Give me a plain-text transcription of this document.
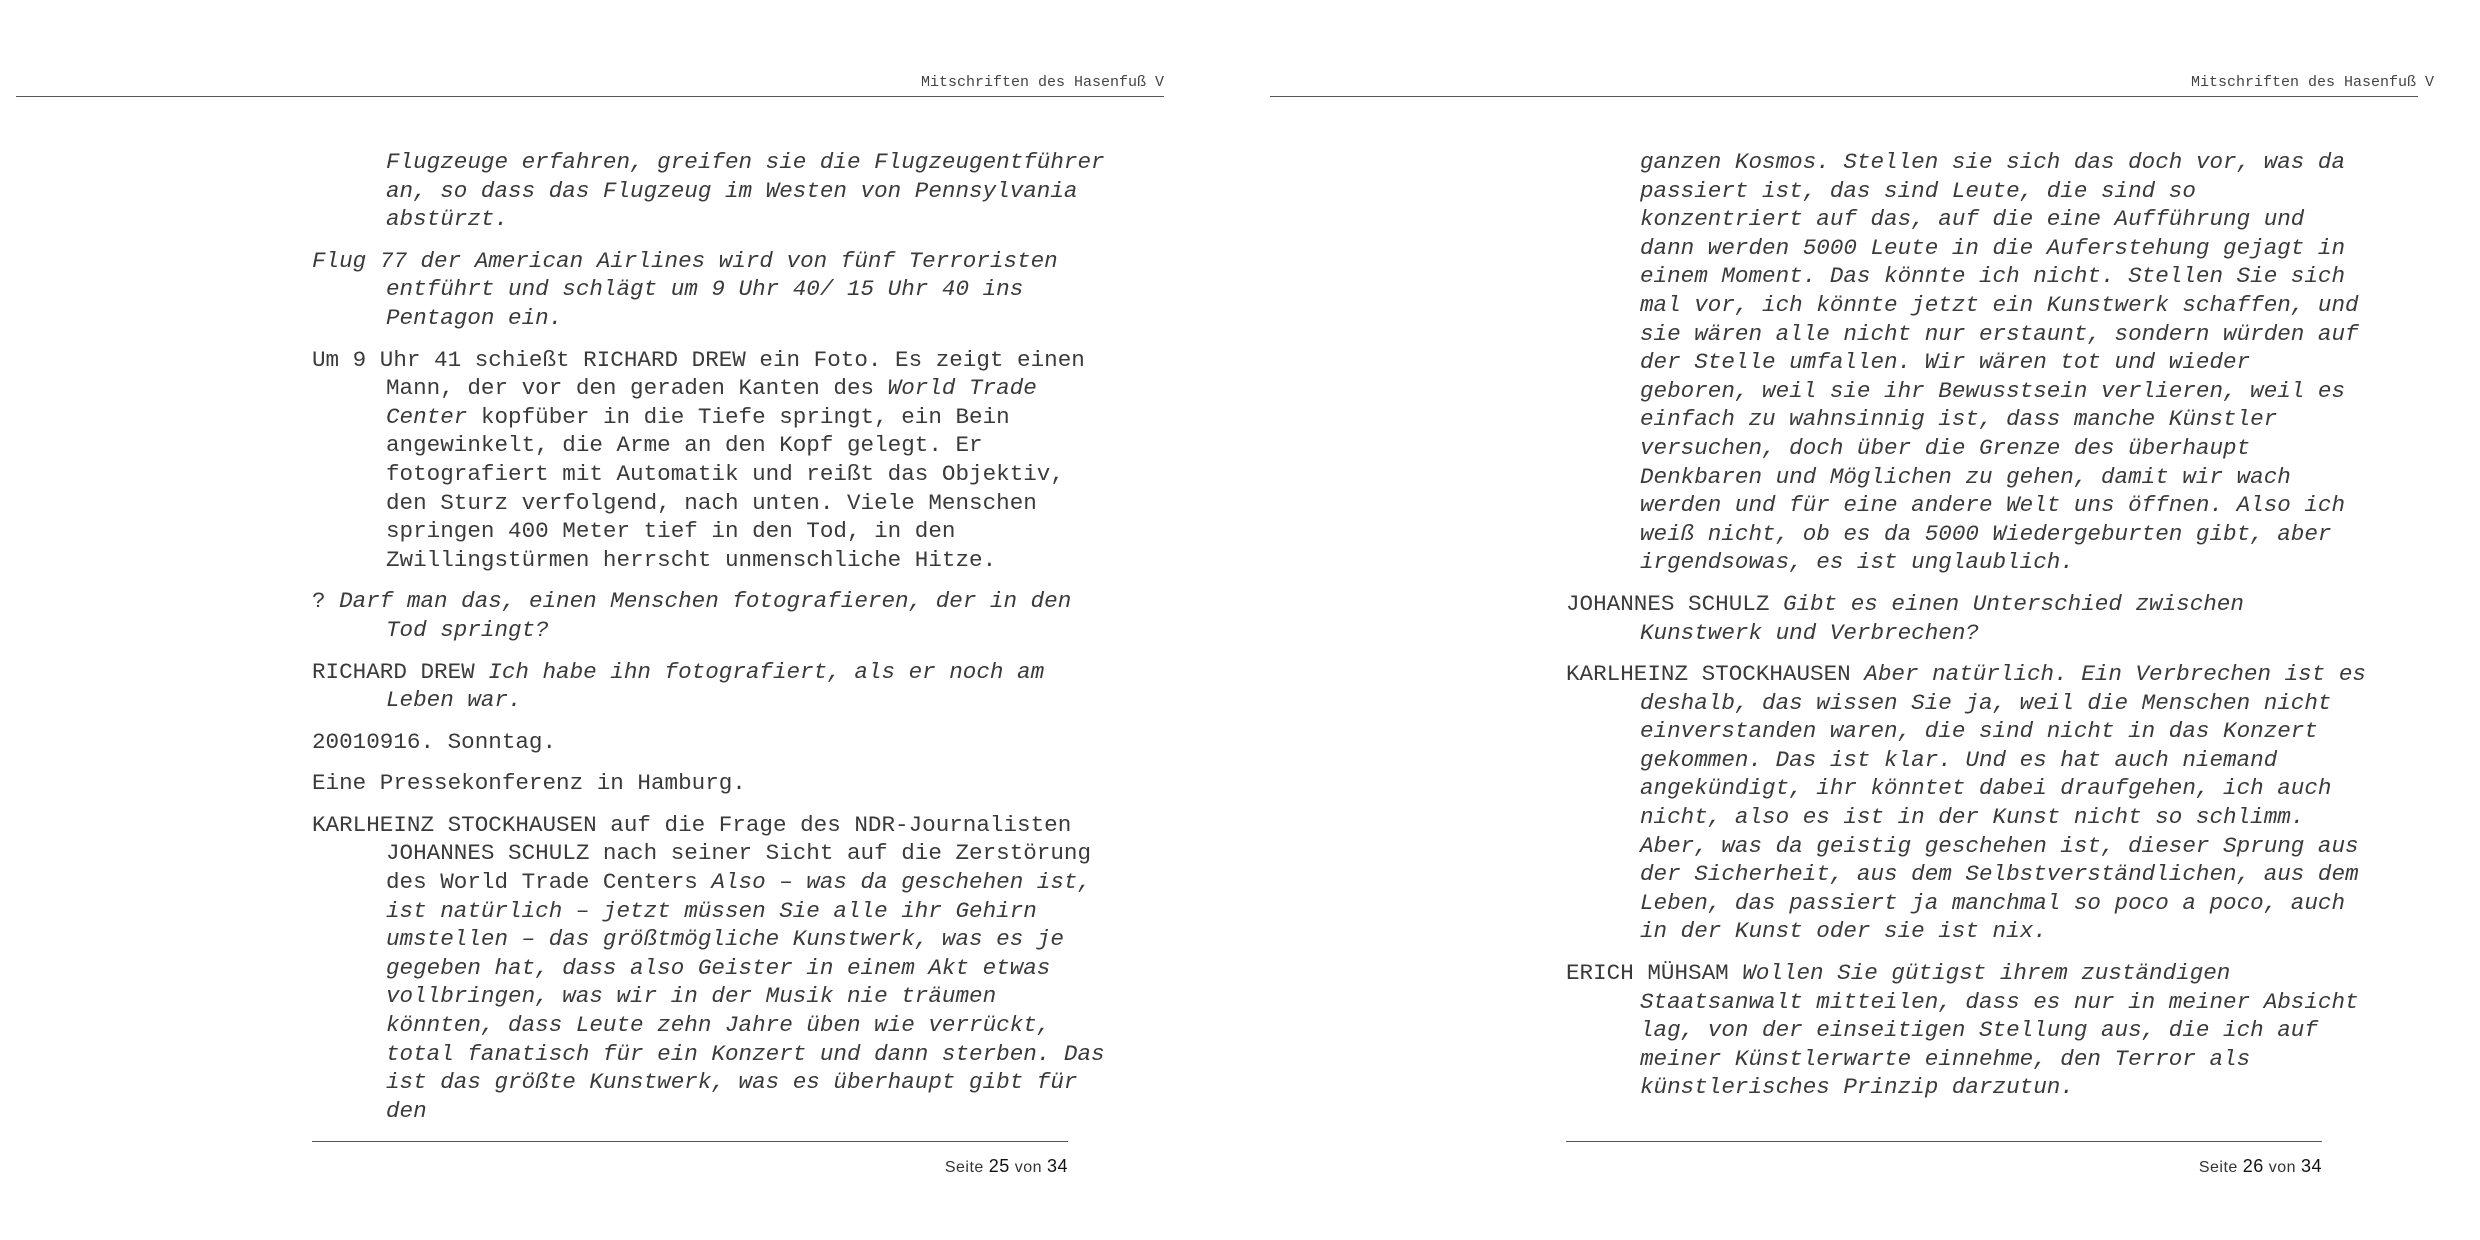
Mitschriften des Hasenfuß V

Flugzeuge erfahren, greifen sie die Flugzeugentführer an, so dass das Flugzeug im Westen von Pennsylvania abstürzt.

Flug 77 der American Airlines wird von fünf Terroristen entführt und schlägt um 9 Uhr 40/ 15 Uhr 40 ins Pentagon ein.

Um 9 Uhr 41 schießt RICHARD DREW ein Foto. Es zeigt einen Mann, der vor den geraden Kanten des World Trade Center kopfüber in die Tiefe springt, ein Bein angewinkelt, die Arme an den Kopf gelegt. Er fotografiert mit Automatik und reißt das Objektiv, den Sturz verfolgend, nach unten. Viele Menschen springen 400 Meter tief in den Tod, in den Zwillingstürmen herrscht unmenschliche Hitze.

? Darf man das, einen Menschen fotografieren, der in den Tod springt?

RICHARD DREW Ich habe ihn fotografiert, als er noch am Leben war.

20010916. Sonntag.

Eine Pressekonferenz in Hamburg.

KARLHEINZ STOCKHAUSEN auf die Frage des NDR-Journalisten JOHANNES SCHULZ nach seiner Sicht auf die Zerstörung des World Trade Centers Also – was da geschehen ist, ist natürlich – jetzt müssen Sie alle ihr Gehirn umstellen – das größtmögliche Kunstwerk, was es je gegeben hat, dass also Geister in einem Akt etwas vollbringen, was wir in der Musik nie träumen könnten, dass Leute zehn Jahre üben wie verrückt, total fanatisch für ein Konzert und dann sterben. Das ist das größte Kunstwerk, was es überhaupt gibt für den

Seite 25 von 34
Mitschriften des Hasenfuß V

ganzen Kosmos. Stellen sie sich das doch vor, was da passiert ist, das sind Leute, die sind so konzentriert auf das, auf die eine Aufführung und dann werden 5000 Leute in die Auferstehung gejagt in einem Moment. Das könnte ich nicht. Stellen Sie sich mal vor, ich könnte jetzt ein Kunstwerk schaffen, und sie wären alle nicht nur erstaunt, sondern würden auf der Stelle umfallen. Wir wären tot und wieder geboren, weil sie ihr Bewusstsein verlieren, weil es einfach zu wahnsinnig ist, dass manche Künstler versuchen, doch über die Grenze des überhaupt Denkbaren und Möglichen zu gehen, damit wir wach werden und für eine andere Welt uns öffnen. Also ich weiß nicht, ob es da 5000 Wiedergeburten gibt, aber irgendsowas, es ist unglaublich.

JOHANNES SCHULZ Gibt es einen Unterschied zwischen Kunstwerk und Verbrechen?

KARLHEINZ STOCKHAUSEN Aber natürlich. Ein Verbrechen ist es deshalb, das wissen Sie ja, weil die Menschen nicht einverstanden waren, die sind nicht in das Konzert gekommen. Das ist klar. Und es hat auch niemand angekündigt, ihr könntet dabei draufgehen, ich auch nicht, also es ist in der Kunst nicht so schlimm. Aber, was da geistig geschehen ist, dieser Sprung aus der Sicherheit, aus dem Selbstverständlichen, aus dem Leben, das passiert ja manchmal so poco a poco, auch in der Kunst oder sie ist nix.

ERICH MÜHSAM Wollen Sie gütigst ihrem zuständigen Staatsanwalt mitteilen, dass es nur in meiner Absicht lag, von der einseitigen Stellung aus, die ich auf meiner Künstlerwarte einnehme, den Terror als künstlerisches Prinzip darzutun.

Seite 26 von 34
